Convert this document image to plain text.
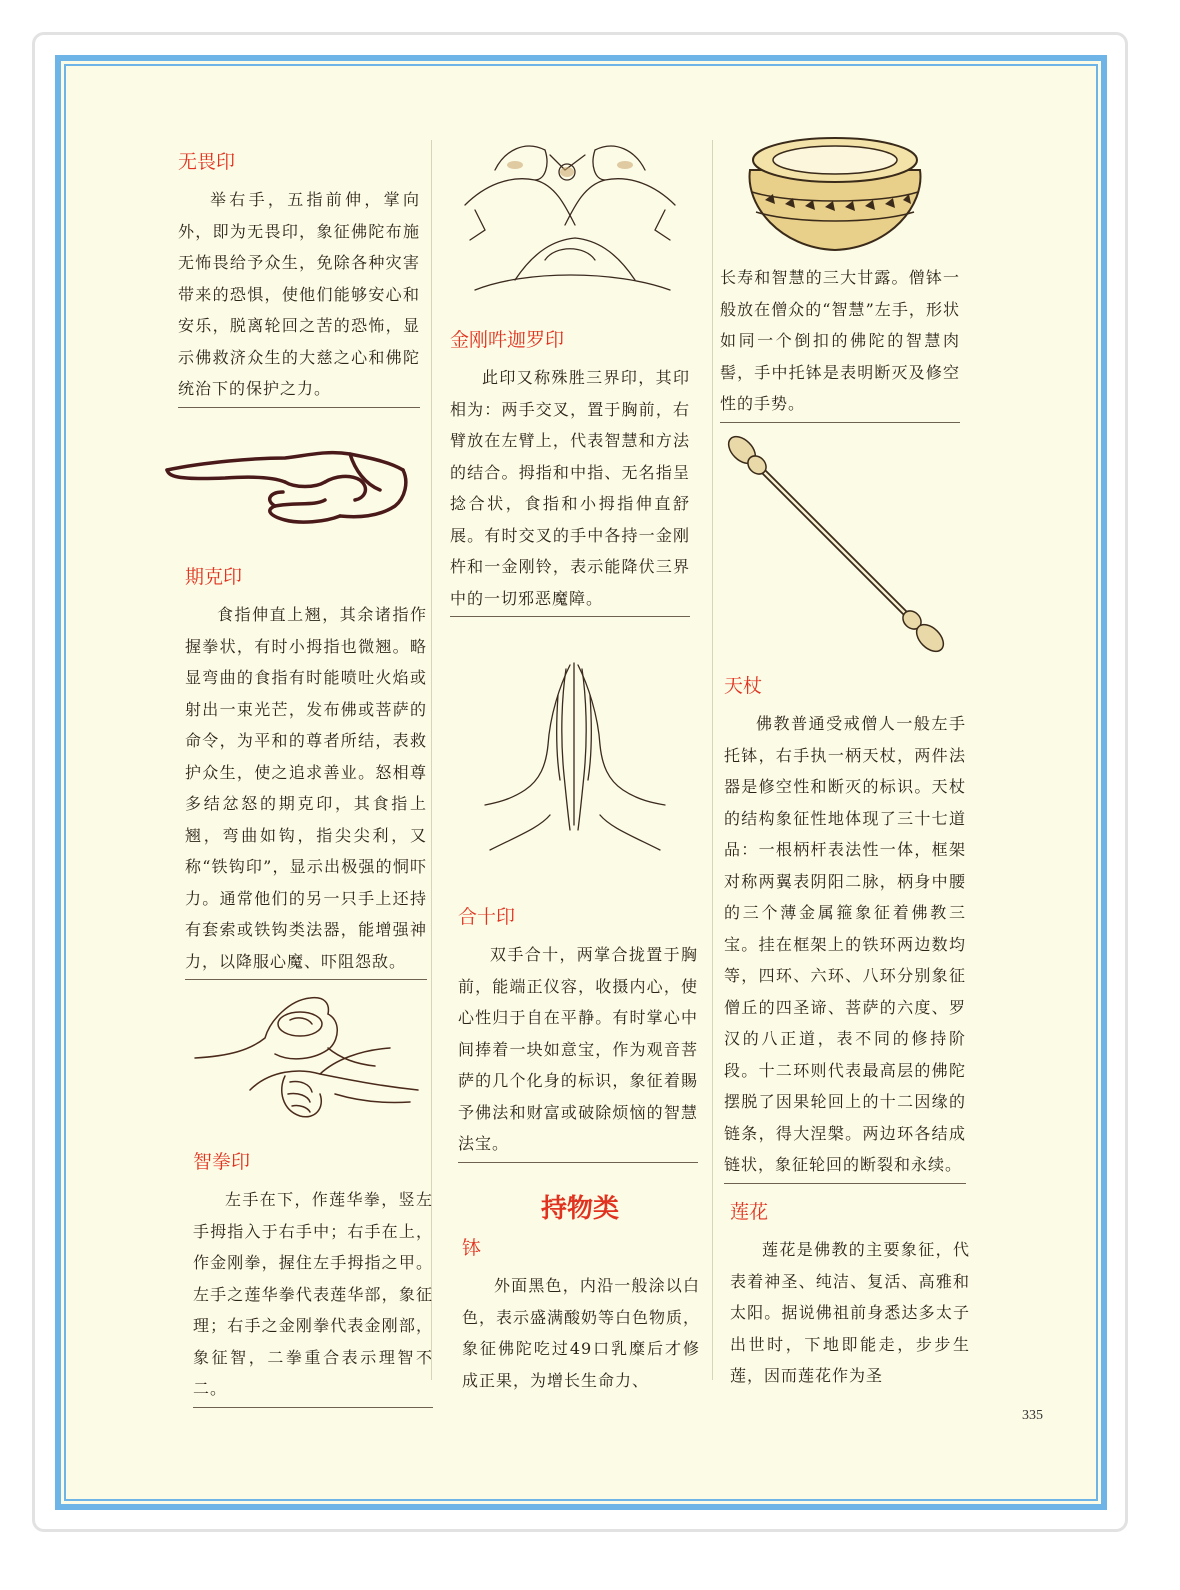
无畏印

举右手，五指前伸，掌向外，即为无畏印，象征佛陀布施无怖畏给予众生，免除各种灾害带来的恐惧，使他们能够安心和安乐，脱离轮回之苦的恐怖，显示佛救济众生的大慈之心和佛陀统治下的保护之力。

期克印

食指伸直上翘，其余诸指作握拳状，有时小拇指也微翘。略显弯曲的食指有时能喷吐火焰或射出一束光芒，发布佛或菩萨的命令，为平和的尊者所结，表救护众生，使之追求善业。怒相尊多结忿怒的期克印，其食指上翘，弯曲如钩，指尖尖利，又称“铁钩印”，显示出极强的恫吓力。通常他们的另一只手上还持有套索或铁钩类法器，能增强神力，以降服心魔、吓阻怨敌。

智拳印

左手在下，作莲华拳，竖左手拇指入于右手中；右手在上，作金刚拳，握住左手拇指之甲。左手之莲华拳代表莲华部，象征理；右手之金刚拳代表金刚部，象征智，二拳重合表示理智不二。

金刚吽迦罗印

此印又称殊胜三界印，其印相为：两手交叉，置于胸前，右臂放在左臂上，代表智慧和方法的结合。拇指和中指、无名指呈捻合状，食指和小拇指伸直舒展。有时交叉的手中各持一金刚杵和一金刚铃，表示能降伏三界中的一切邪恶魔障。

合十印

双手合十，两掌合拢置于胸前，能端正仪容，收摄内心，使心性归于自在平静。有时掌心中间捧着一块如意宝，作为观音菩萨的几个化身的标识，象征着賜予佛法和财富或破除烦恼的智慧法宝。

持物类
钵

外面黑色，内沿一般涂以白色，表示盛满酸奶等白色物质，象征佛陀吃过49口乳糜后才修成正果，为增长生命力、

长寿和智慧的三大甘露。僧钵一般放在僧众的“智慧”左手，形状如同一个倒扣的佛陀的智慧肉髻，手中托钵是表明断灭及修空性的手势。

天杖

佛教普通受戒僧人一般左手托钵，右手执一柄天杖，两件法器是修空性和断灭的标识。天杖的结构象征性地体现了三十七道品：一根柄杆表法性一体，框架对称两翼表阴阳二脉，柄身中腰的三个薄金属箍象征着佛教三宝。挂在框架上的铁环两边数均等，四环、六环、八环分别象征僧丘的四圣谛、菩萨的六度、罗汉的八正道，表不同的修持阶段。十二环则代表最高层的佛陀摆脱了因果轮回上的十二因缘的链条，得大涅槃。两边环各结成链状，象征轮回的断裂和永续。

莲花

莲花是佛教的主要象征，代表着神圣、纯洁、复活、高雅和太阳。据说佛祖前身悉达多太子出世时，下地即能走，步步生莲，因而莲花作为圣

335
